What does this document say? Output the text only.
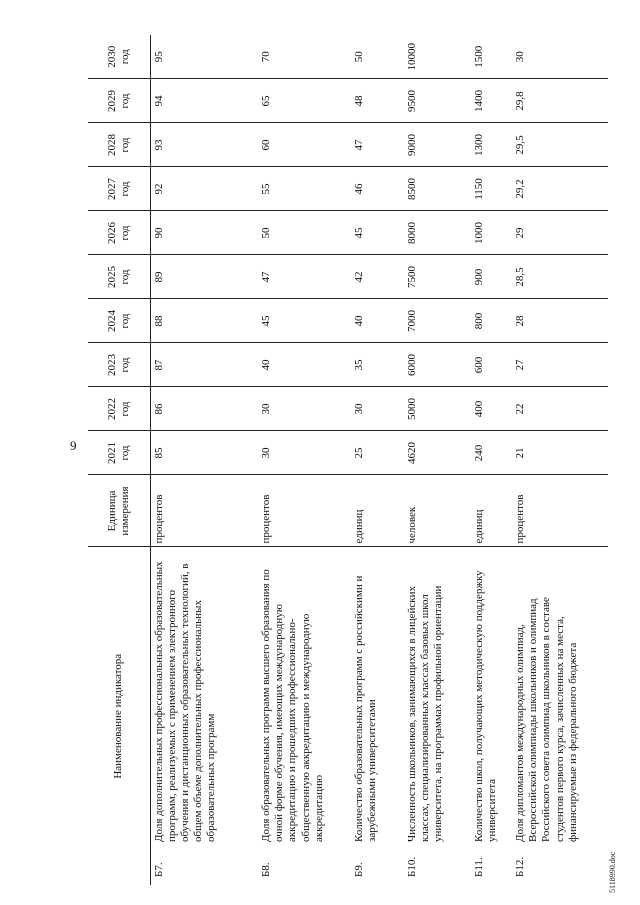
9
5118990.doc
Наименование индикатора		Единица измерения	2021 год	2022 год	2023 год	2024 год	2025 год	2026 год	2027 год	2028 год	2029 год	2030 год
Б7.	Доля дополнительных профессиональных образовательных программ, реализуемых с применением электронного обучения и дистанционных образовательных технологий, в общем объеме дополнительных профессиональных образовательных программ	процентов	85	86	87	88	89	90	92	93	94	95
Б8.	Доля образовательных программ высшего образования по очной форме обучения, имеющих международную аккредитацию и прошедших профессионально-общественную аккредитацию и международную аккредитацию	процентов	30	30	40	45	47	50	55	60	65	70
Б9.	Количество образовательных программ с российскими и зарубежными университетами	единиц	25	30	35	40	42	45	46	47	48	50
Б10.	Численность школьников, занимающихся в лицейских классах, специализированных классах базовых школ университета, на программах профильной ориентации	человек	4620	5000	6000	7000	7500	8000	8500	9000	9500	10000
Б11.	Количество школ, получающих методическую поддержку университета	единиц	240	400	600	800	900	1000	1150	1300	1400	1500
Б12.	Доля дипломантов международных олимпиад, Всероссийской олимпиады школьников и олимпиад Российского совета олимпиад школьников в составе студентов первого курса, зачисленных на места, финансируемые из федерального бюджета	процентов	21	22	27	28	28,5	29	29,2	29,5	29,8	30
